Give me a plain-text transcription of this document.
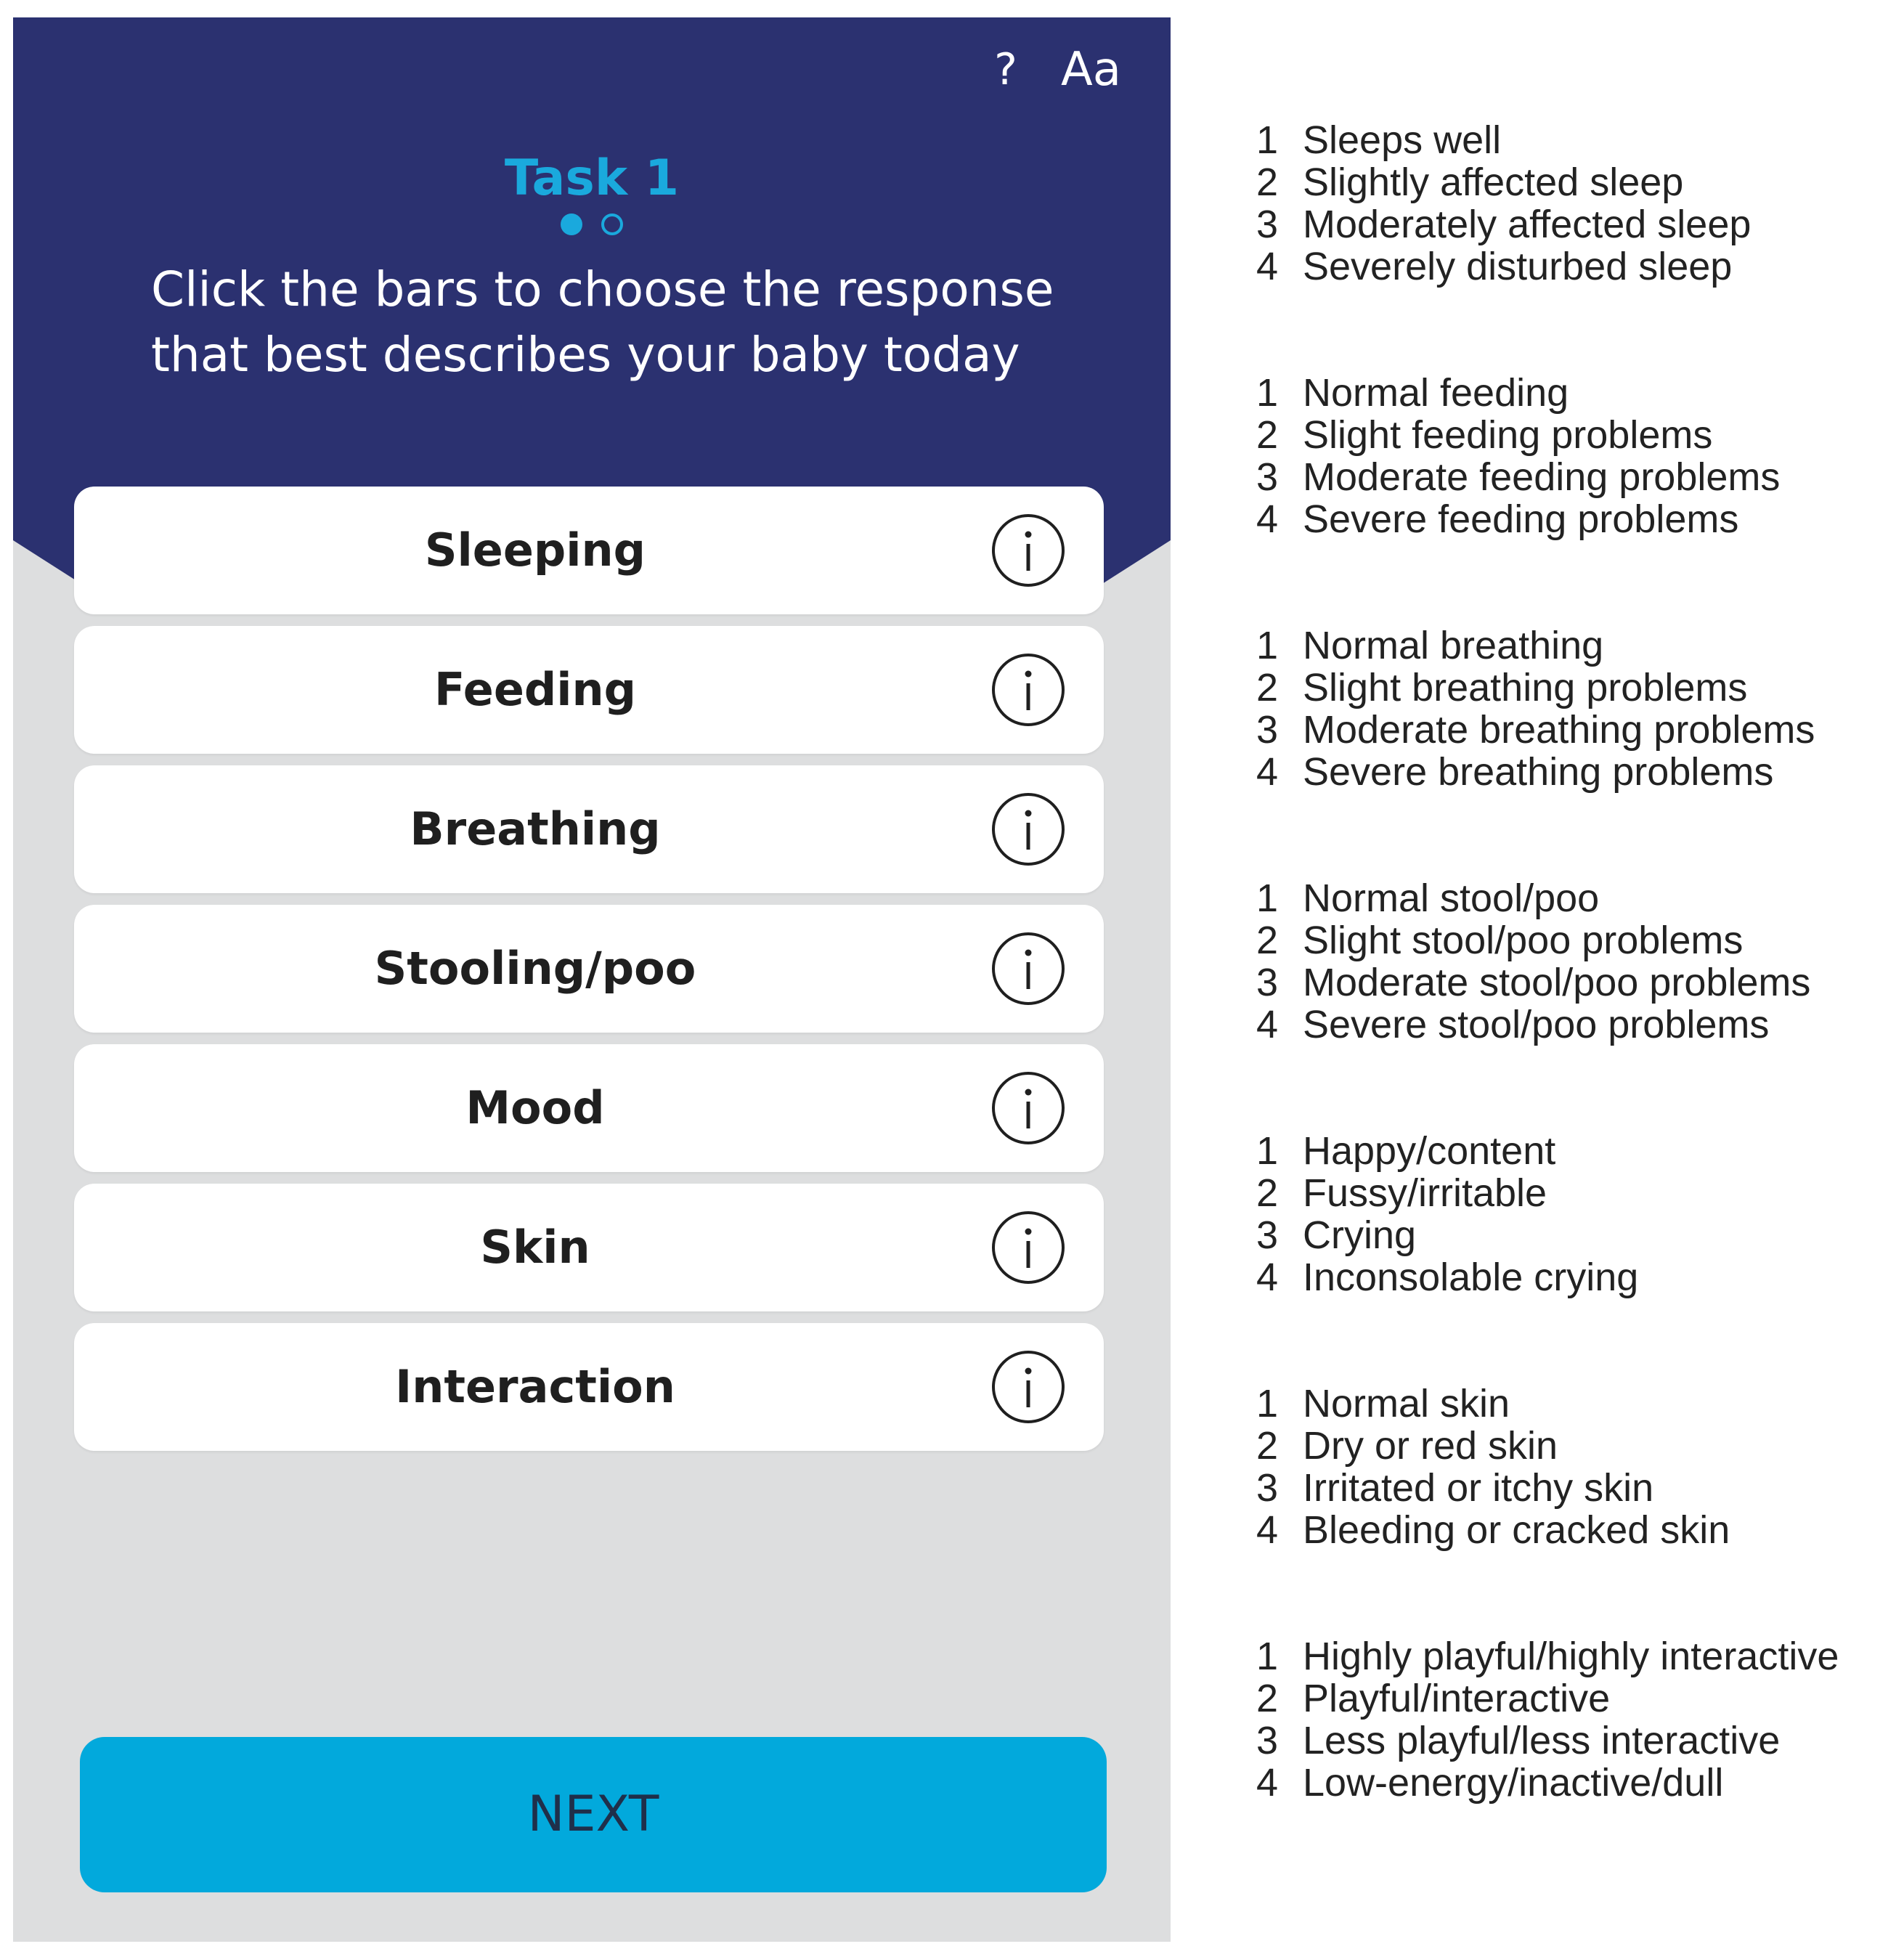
? Aa
Task 1
Click the bars to choose the response
that best describes your baby today
Sleeping
Feeding
Breathing
Stooling/poo
Mood
Skin
Interaction
NEXT
1 Sleeps well
2 Slightly affected sleep
3 Moderately affected sleep
4 Severely disturbed sleep
1 Normal feeding
2 Slight feeding problems
3 Moderate feeding problems
4 Severe feeding problems
1 Normal breathing
2 Slight breathing problems
3 Moderate breathing problems
4 Severe breathing problems
1 Normal stool/poo
2 Slight stool/poo problems
3 Moderate stool/poo problems
4 Severe stool/poo problems
1 Happy/content
2 Fussy/irritable
3 Crying
4 Inconsolable crying
1 Normal skin
2 Dry or red skin
3 Irritated or itchy skin
4 Bleeding or cracked skin
1 Highly playful/highly interactive
2 Playful/interactive
3 Less playful/less interactive
4 Low-energy/inactive/dull
